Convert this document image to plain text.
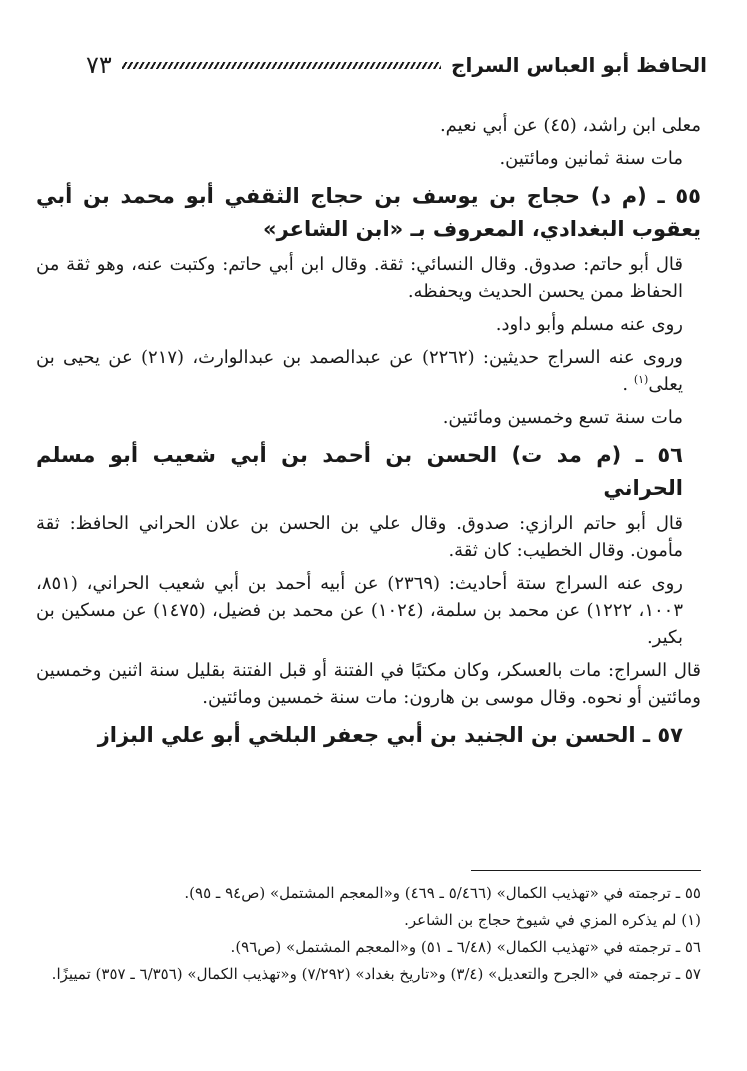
الحافظ أبو العباس السراج
٧٣

معلى ابن راشد، (٤٥) عن أبي نعيم.

مات سنة ثمانين ومائتين.

٥٥ ـ (م د) حجاج بن يوسف بن حجاج الثقفي أبو محمد بن أبي يعقوب البغدادي، المعروف بـ «ابن الشاعر»

قال أبو حاتم: صدوق. وقال النسائي: ثقة. وقال ابن أبي حاتم: وكتبت عنه، وهو ثقة من الحفاظ ممن يحسن الحديث ويحفظه.

روى عنه مسلم وأبو داود.

وروى عنه السراج حديثين: (٢٢٦٢) عن عبدالصمد بن عبدالوارث، (٢١٧) عن يحيى بن يعلى$^{(١)}$ .

مات سنة تسع وخمسين ومائتين.

٥٦ ـ (م مد ت) الحسن بن أحمد بن أبي شعيب أبو مسلم الحراني

قال أبو حاتم الرازي: صدوق. وقال علي بن الحسن بن علان الحراني الحافظ: ثقة مأمون. وقال الخطيب: كان ثقة.

روى عنه السراج ستة أحاديث: (٢٣٦٩) عن أبيه أحمد بن أبي شعيب الحراني، (٨٥١، ١٠٠٣، ١٢٢٢) عن محمد بن سلمة، (١٠٢٤) عن محمد بن فضيل، (١٤٧٥) عن مسكين بن بكير.

قال السراج: مات بالعسكر، وكان مكتبًا في الفتنة أو قبل الفتنة بقليل سنة اثنين وخمسين ومائتين أو نحوه. وقال موسى بن هارون: مات سنة خمسين ومائتين.

٥٧ ـ الحسن بن الجنيد بن أبي جعفر البلخي أبو علي البزاز

٥٥ ـ ترجمته في «تهذيب الكمال» (٥/٤٦٦ ـ ٤٦٩) و«المعجم المشتمل» (ص٩٤ ـ ٩٥).

(١) لم يذكره المزي في شيوخ حجاج بن الشاعر.

٥٦ ـ ترجمته في «تهذيب الكمال» (٦/٤٨ ـ ٥١) و«المعجم المشتمل» (ص٩٦).

٥٧ ـ ترجمته في «الجرح والتعديل» (٣/٤) و«تاريخ بغداد» (٧/٢٩٢) و«تهذيب الكمال» (٦/٣٥٦ ـ ٣٥٧) تمييزًا.
